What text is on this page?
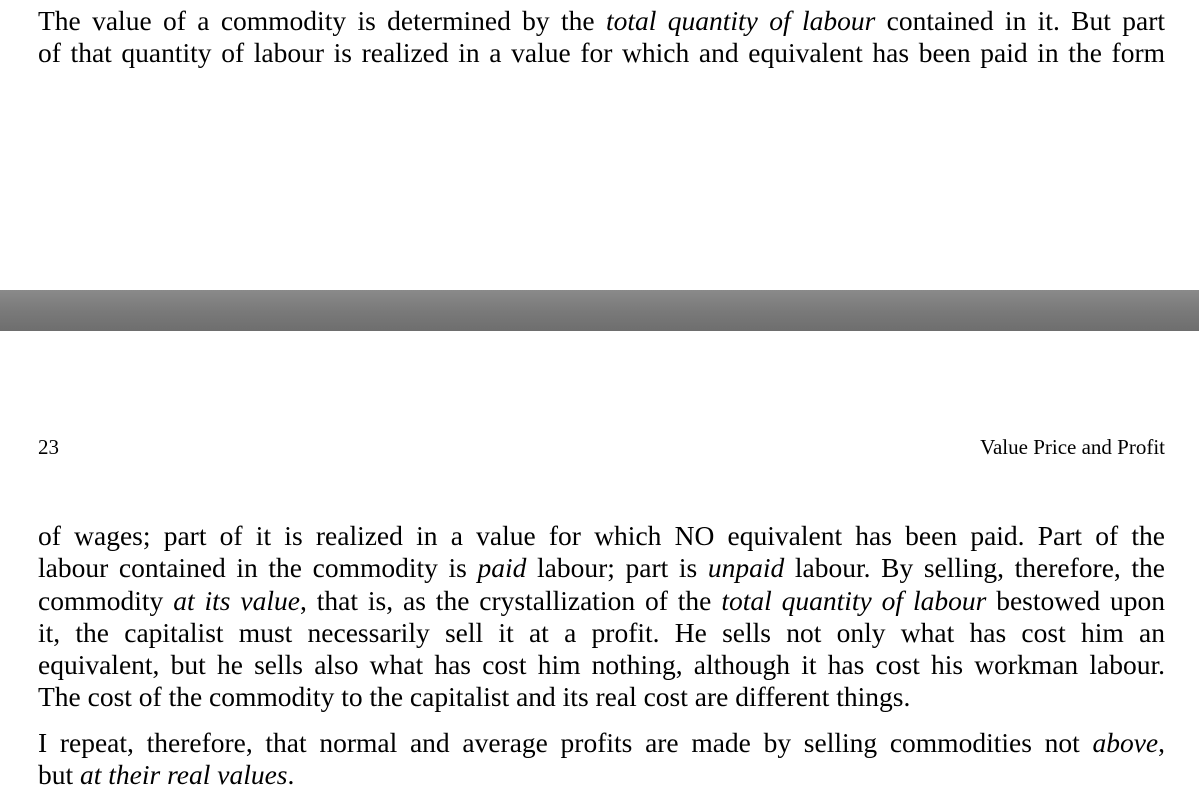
The value of a commodity is determined by the total quantity of labour contained in it. But part
of that quantity of labour is realized in a value for which and equivalent has been paid in the form

23	Value Price and Profit

of wages; part of it is realized in a value for which NO equivalent has been paid. Part of the
labour contained in the commodity is paid labour; part is unpaid labour. By selling, therefore, the
commodity at its value, that is, as the crystallization of the total quantity of labour bestowed upon
it, the capitalist must necessarily sell it at a profit. He sells not only what has cost him an
equivalent, but he sells also what has cost him nothing, although it has cost his workman labour.
The cost of the commodity to the capitalist and its real cost are different things.

I repeat, therefore, that normal and average profits are made by selling commodities not above,
but at their real values.
